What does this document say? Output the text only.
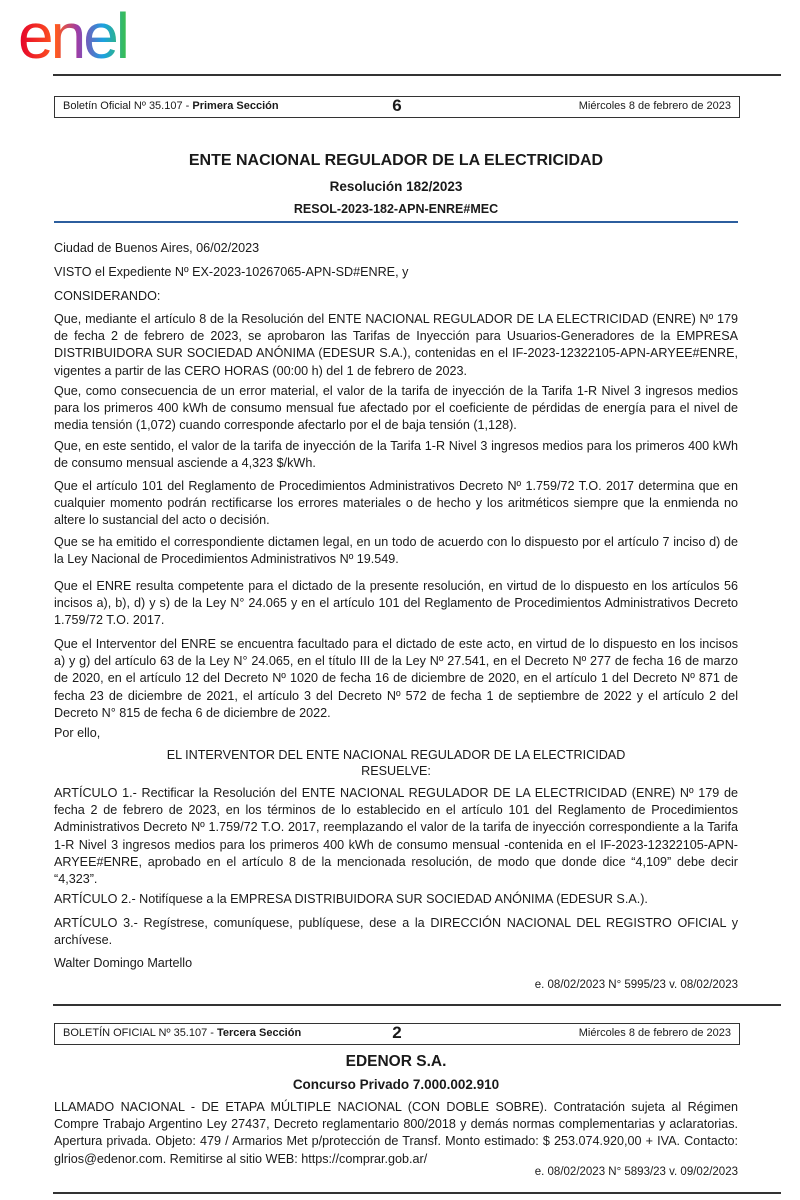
enel
Boletín Oficial Nº 35.107 - Primera Sección	6	Miércoles 8 de febrero de 2023
ENTE NACIONAL REGULADOR DE LA ELECTRICIDAD
Resolución 182/2023
RESOL-2023-182-APN-ENRE#MEC

Ciudad de Buenos Aires, 06/02/2023

VISTO el Expediente Nº EX-2023-10267065-APN-SD#ENRE, y

CONSIDERANDO:

Que, mediante el artículo 8 de la Resolución del ENTE NACIONAL REGULADOR DE LA ELECTRICIDAD (ENRE) Nº 179 de fecha 2 de febrero de 2023, se aprobaron las Tarifas de Inyección para Usuarios-Generadores de la EMPRESA DISTRIBUIDORA SUR SOCIEDAD ANÓNIMA (EDESUR S.A.), contenidas en el IF-2023-12322105-APN-ARYEE#ENRE, vigentes a partir de las CERO HORAS (00:00 h) del 1 de febrero de 2023.

Que, como consecuencia de un error material, el valor de la tarifa de inyección de la Tarifa 1-R Nivel 3 ingresos medios para los primeros 400 kWh de consumo mensual fue afectado por el coeficiente de pérdidas de energía para el nivel de media tensión (1,072) cuando corresponde afectarlo por el de baja tensión (1,128).

Que, en este sentido, el valor de la tarifa de inyección de la Tarifa 1-R Nivel 3 ingresos medios para los primeros 400 kWh de consumo mensual asciende a 4,323 $/kWh.

Que el artículo 101 del Reglamento de Procedimientos Administrativos Decreto Nº 1.759/72 T.O. 2017 determina que en cualquier momento podrán rectificarse los errores materiales o de hecho y los aritméticos siempre que la enmienda no altere lo sustancial del acto o decisión.

Que se ha emitido el correspondiente dictamen legal, en un todo de acuerdo con lo dispuesto por el artículo 7 inciso d) de la Ley Nacional de Procedimientos Administrativos Nº 19.549.

Que el ENRE resulta competente para el dictado de la presente resolución, en virtud de lo dispuesto en los artículos 56 incisos a), b), d) y s) de la Ley N° 24.065 y en el artículo 101 del Reglamento de Procedimientos Administrativos Decreto 1.759/72 T.O. 2017.

Que el Interventor del ENRE se encuentra facultado para el dictado de este acto, en virtud de lo dispuesto en los incisos a) y g) del artículo 63 de la Ley N° 24.065, en el título III de la Ley Nº 27.541, en el Decreto Nº 277 de fecha 16 de marzo de 2020, en el artículo 12 del Decreto Nº 1020 de fecha 16 de diciembre de 2020, en el artículo 1 del Decreto Nº 871 de fecha 23 de diciembre de 2021, el artículo 3 del Decreto Nº 572 de fecha 1 de septiembre de 2022 y el artículo 2 del Decreto N° 815 de fecha 6 de diciembre de 2022.

Por ello,

EL INTERVENTOR DEL ENTE NACIONAL REGULADOR DE LA ELECTRICIDAD
RESUELVE:

ARTÍCULO 1.- Rectificar la Resolución del ENTE NACIONAL REGULADOR DE LA ELECTRICIDAD (ENRE) Nº 179 de fecha 2 de febrero de 2023, en los términos de lo establecido en el artículo 101 del Reglamento de Procedimientos Administrativos Decreto Nº 1.759/72 T.O. 2017, reemplazando el valor de la tarifa de inyección correspondiente a la Tarifa 1-R Nivel 3 ingresos medios para los primeros 400 kWh de consumo mensual -contenida en el IF-2023-12322105-APN-ARYEE#ENRE, aprobado en el artículo 8 de la mencionada resolución, de modo que donde dice “4,109” debe decir “4,323”.

ARTÍCULO 2.- Notifíquese a la EMPRESA DISTRIBUIDORA SUR SOCIEDAD ANÓNIMA (EDESUR S.A.).

ARTÍCULO 3.- Regístrese, comuníquese, publíquese, dese a la DIRECCIÓN NACIONAL DEL REGISTRO OFICIAL y archívese.

Walter Domingo Martello

e. 08/02/2023 N° 5995/23 v. 08/02/2023
BOLETÍN OFICIAL Nº 35.107 - Tercera Sección	2	Miércoles 8 de febrero de 2023
EDENOR S.A.
Concurso Privado 7.000.002.910

LLAMADO NACIONAL - DE ETAPA MÚLTIPLE NACIONAL (CON DOBLE SOBRE). Contratación sujeta al Régimen Compre Trabajo Argentino Ley 27437, Decreto reglamentario 800/2018 y demás normas complementarias y aclaratorias. Apertura privada. Objeto: 479 / Armarios Met p/protección de Transf. Monto estimado: $ 253.074.920,00 + IVA. Contacto: glrios@edenor.com. Remitirse al sitio WEB: https://comprar.gob.ar/

e. 08/02/2023 N° 5893/23 v. 09/02/2023
